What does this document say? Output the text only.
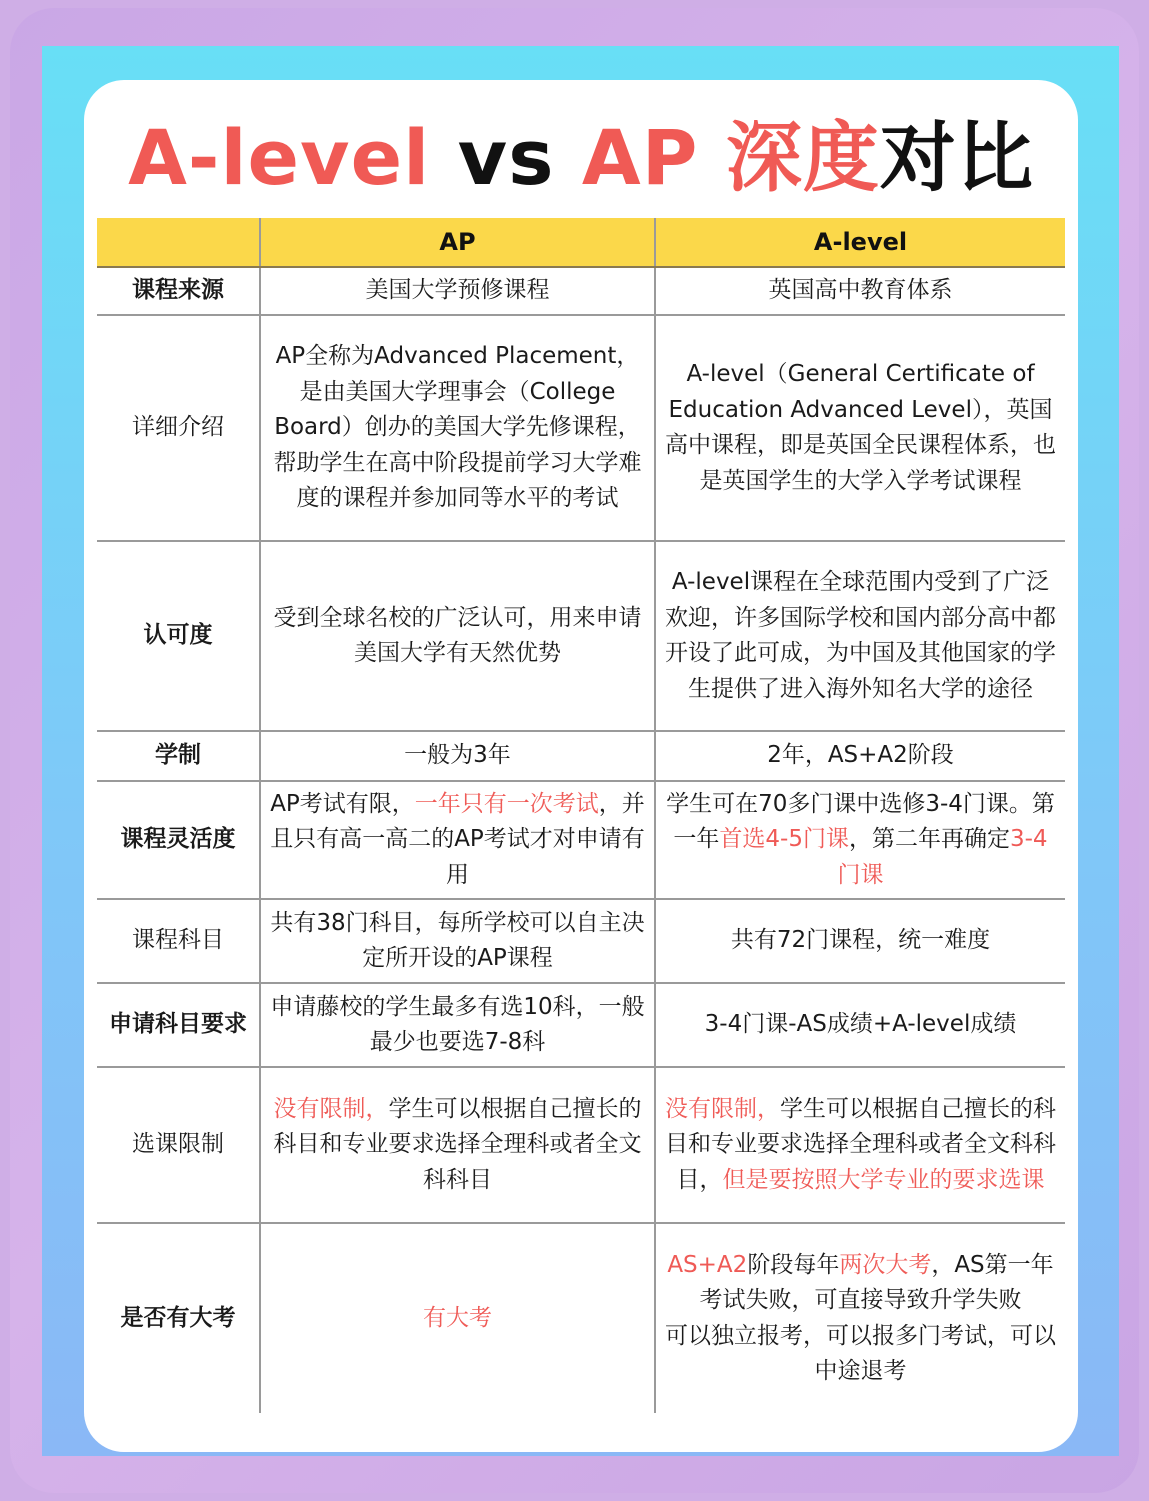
A-level vs AP 深度对比
	AP	A-level
课程来源	美国大学预修课程	英国高中教育体系
详细介绍	AP全称为Advanced Placement，是由美国大学理事会（College Board）创办的美国大学先修课程，帮助学生在高中阶段提前学习大学难度的课程并参加同等水平的考试	A-level（General Certificate of Education Advanced Level），英国高中课程，即是英国全民课程体系，也是英国学生的大学入学考试课程
认可度	受到全球名校的广泛认可，用来申请美国大学有天然优势	A-level课程在全球范围内受到了广泛欢迎，许多国际学校和国内部分高中都开设了此可成，为中国及其他国家的学生提供了进入海外知名大学的途径
学制	一般为3年	2年，AS+A2阶段
课程灵活度	AP考试有限，一年只有一次考试，并且只有高一高二的AP考试才对申请有用	学生可在70多门课中选修3-4门课。第一年首选4-5门课，第二年再确定3-4门课
课程科目	共有38门科目，每所学校可以自主决定所开设的AP课程	共有72门课程，统一难度
申请科目要求	申请藤校的学生最多有选10科，一般最少也要选7-8科	3-4门课-AS成绩+A-level成绩
选课限制	没有限制，学生可以根据自己擅长的科目和专业要求选择全理科或者全文科科目	没有限制，学生可以根据自己擅长的科目和专业要求选择全理科或者全文科科目，但是要按照大学专业的要求选课
是否有大考	有大考	AS+A2阶段每年两次大考，AS第一年考试失败，可直接导致升学失败
可以独立报考，可以报多门考试，可以中途退考
